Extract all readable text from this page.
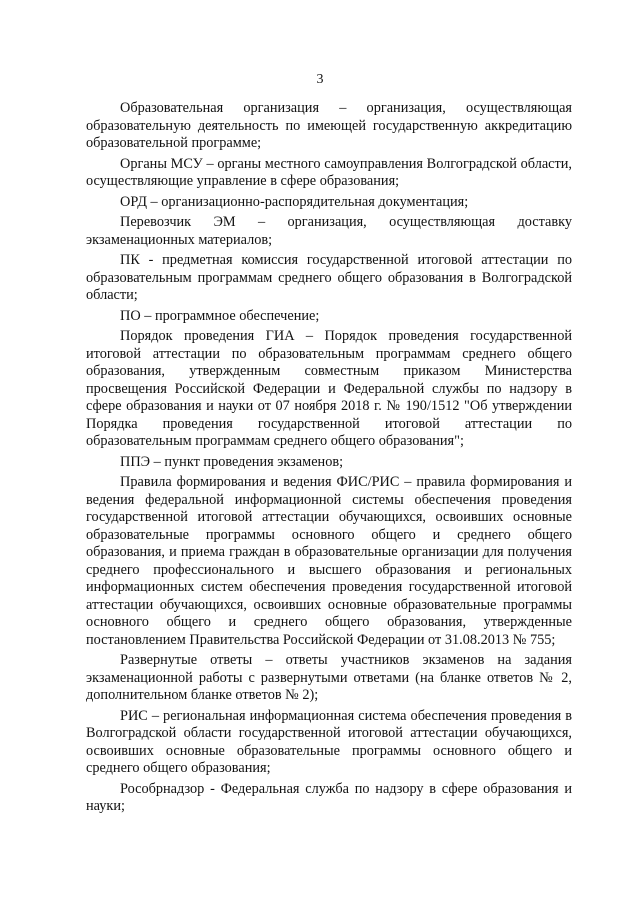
3

Образовательная организация – организация, осуществляющая образовательную деятельность по имеющей государственную аккредитацию образовательной программе;

Органы МСУ – органы местного самоуправления Волгоградской области, осуществляющие управление в сфере образования;

ОРД – организационно-распорядительная документация;

Перевозчик ЭМ – организация, осуществляющая доставку экзаменационных материалов;

ПК - предметная комиссия государственной итоговой аттестации по образовательным программам среднего общего образования в Волгоградской области;

ПО – программное обеспечение;

Порядок проведения ГИА – Порядок проведения государственной итоговой аттестации по образовательным программам среднего общего образования, утвержденным совместным приказом Министерства просвещения Российской Федерации и Федеральной службы по надзору в сфере образования и науки от 07 ноября 2018 г. № 190/1512 "Об утверждении Порядка проведения государственной итоговой аттестации по образовательным программам среднего общего образования";

ППЭ – пункт проведения экзаменов;

Правила формирования и ведения ФИС/РИС – правила формирования и ведения федеральной информационной системы обеспечения проведения государственной итоговой аттестации обучающихся, освоивших основные образовательные программы основного общего и среднего общего образования, и приема граждан в образовательные организации для получения среднего профессионального и высшего образования и региональных информационных систем обеспечения проведения государственной итоговой аттестации обучающихся, освоивших основные образовательные программы основного общего и среднего общего образования, утвержденные постановлением Правительства Российской Федерации от 31.08.2013 № 755;

Развернутые ответы – ответы участников экзаменов на задания экзаменационной работы с развернутыми ответами (на бланке ответов № 2, дополнительном бланке ответов № 2);

РИС – региональная информационная система обеспечения проведения в Волгоградской области государственной итоговой аттестации обучающихся, освоивших основные образовательные программы основного общего и среднего общего образования;

Рособрнадзор - Федеральная служба по надзору в сфере образования и науки;
